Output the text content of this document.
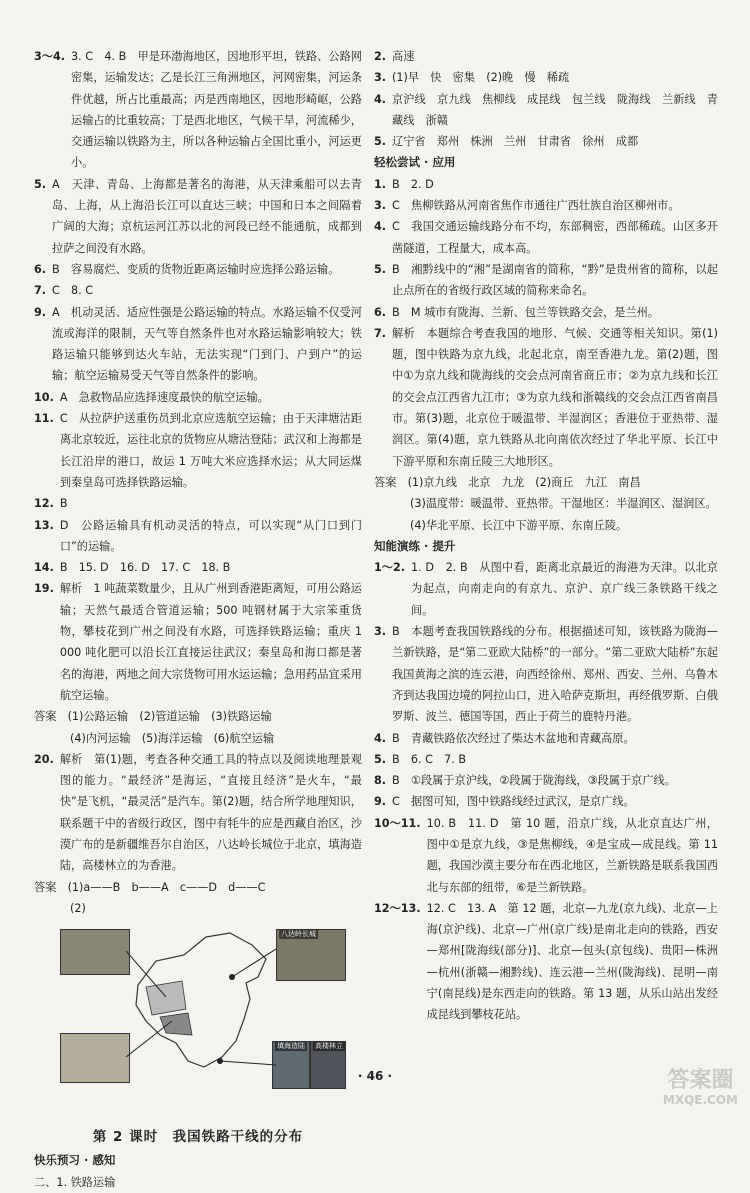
3～4. 3. C　4. B　甲是环渤海地区，因地形平坦，铁路、公路网密集，运输发达；乙是长江三角洲地区，河网密集，河运条件优越，所占比重最高；丙是西南地区，因地形崎岖，公路运输占的比重较高；丁是西北地区，气候干旱，河流稀少，交通运输以铁路为主，所以各种运输占全国比重小，河运更小。
5. A　天津、青岛、上海都是著名的海港，从天津乘船可以去青岛、上海，从上海沿长江可以直达三峡；中国和日本之间隔着广阔的大海；京杭运河江苏以北的河段已经不能通航，成都到拉萨之间没有水路。
6. B　容易腐烂、变质的货物近距离运输时应选择公路运输。
7. C　8. C
9. A　机动灵活、适应性强是公路运输的特点。水路运输不仅受河流或海洋的限制，天气等自然条件也对水路运输影响较大；铁路运输只能够到达火车站，无法实现“门到门、户到户”的运输；航空运输易受天气等自然条件的影响。
10. A　急救物品应选择速度最快的航空运输。
11. C　从拉萨护送重伤员到北京应选航空运输；由于天津塘沽距离北京较近，运往北京的货物应从塘沽登陆；武汉和上海都是长江沿岸的港口，故运 1 万吨大米应选择水运；从大同运煤到秦皇岛可选择铁路运输。
12. B
13. D　公路运输具有机动灵活的特点，可以实现“从门口到门口”的运输。
14. B　15. D　16. D　17. C　18. B
19. 解析　1 吨蔬菜数量少，且从广州到香港距离短，可用公路运输；天然气最适合管道运输；500 吨钢材属于大宗笨重货物，攀枝花到广州之间没有水路，可选择铁路运输；重庆 1 000 吨化肥可以沿长江直接运往武汉；秦皇岛和海口都是著名的海港，两地之间大宗货物可用水运运输；急用药品宜采用航空运输。
答案　(1)公路运输　(2)管道运输　(3)铁路运输
(4)内河运输　(5)海洋运输　(6)航空运输
20. 解析　第(1)题，考查各种交通工具的特点以及阅读地理景观图的能力。“最经济”是海运，“直接且经济”是火车，“最快”是飞机，“最灵活”是汽车。第(2)题，结合所学地理知识，联系题干中的省级行政区，图中有牦牛的应是西藏自治区，沙漠广布的是新疆维吾尔自治区，八达岭长城位于北京，填海造陆，高楼林立的为香港。
答案　(1)a——B　b——A　c——D　d——C
(2)
八达岭长城
填海造陆 高楼林立
第 2 课时　我国铁路干线的分布
快乐预习 · 感知
二、1. 铁路运输
2. 高速
3. (1)早　快　密集　(2)晚　慢　稀疏
4. 京沪线　京九线　焦柳线　成昆线　包兰线　陇海线　兰新线　青藏线　浙赣
5. 辽宁省　郑州　株洲　兰州　甘肃省　徐州　成都
轻松尝试 · 应用
1. B　2. D
3. C　焦柳铁路从河南省焦作市通往广西壮族自治区柳州市。
4. C　我国交通运输线路分布不均，东部稠密，西部稀疏。山区多开凿隧道，工程量大，成本高。
5. B　湘黔线中的“湘”是湖南省的简称，“黔”是贵州省的简称，以起止点所在的省级行政区域的简称来命名。
6. B　M 城市有陇海、兰新、包兰等铁路交会，是兰州。
7. 解析　本题综合考查我国的地形、气候、交通等相关知识。第(1)题，图中铁路为京九线，北起北京，南至香港九龙。第(2)题，图中①为京九线和陇海线的交会点河南省商丘市；②为京九线和长江的交会点江西省九江市；③为京九线和浙赣线的交会点江西省南昌市。第(3)题，北京位于暖温带、半湿润区；香港位于亚热带、湿润区。第(4)题，京九铁路从北向南依次经过了华北平原、长江中下游平原和东南丘陵三大地形区。
答案　(1)京九线　北京　九龙　(2)商丘　九江　南昌
(3)温度带：暖温带、亚热带。干湿地区：半湿润区、湿润区。
(4)华北平原、长江中下游平原、东南丘陵。
知能演练 · 提升
1～2. 1. D　2. B　从图中看，距离北京最近的海港为天津。以北京为起点，向南走向的有京九、京沪、京广线三条铁路干线之间。
3. B　本题考查我国铁路线的分布。根据描述可知，该铁路为陇海—兰新铁路，是“第二亚欧大陆桥”的一部分。“第二亚欧大陆桥”东起我国黄海之滨的连云港，向西经徐州、郑州、西安、兰州、乌鲁木齐到达我国边境的阿拉山口，进入哈萨克斯坦，再经俄罗斯、白俄罗斯、波兰、德国等国，西止于荷兰的鹿特丹港。
4. B　青藏铁路依次经过了柴达木盆地和青藏高原。
5. B　6. C　7. B
8. B　①段属于京沪线，②段属于陇海线，③段属于京广线。
9. C　据图可知，图中铁路线经过武汉，是京广线。
10～11. 10. B　11. D　第 10 题，沿京广线，从北京直达广州，图中①是京九线，③是焦柳线，④是宝成—成昆线。第 11 题，我国沙漠主要分布在西北地区，兰新铁路是联系我国西北与东部的纽带，⑥是兰新铁路。
12～13. 12. C　13. A　第 12 题，北京—九龙(京九线)、北京—上海(京沪线)、北京—广州(京广线)是南北走向的铁路，西安—郑州[陇海线(部分)]、北京—包头(京包线)、贵阳—株洲—杭州(浙赣—湘黔线)、连云港—兰州(陇海线)、昆明—南宁(南昆线)是东西走向的铁路。第 13 题，从乐山站出发经成昆线到攀枝花站。
· 46 ·	答案圈
MXQE.COM
